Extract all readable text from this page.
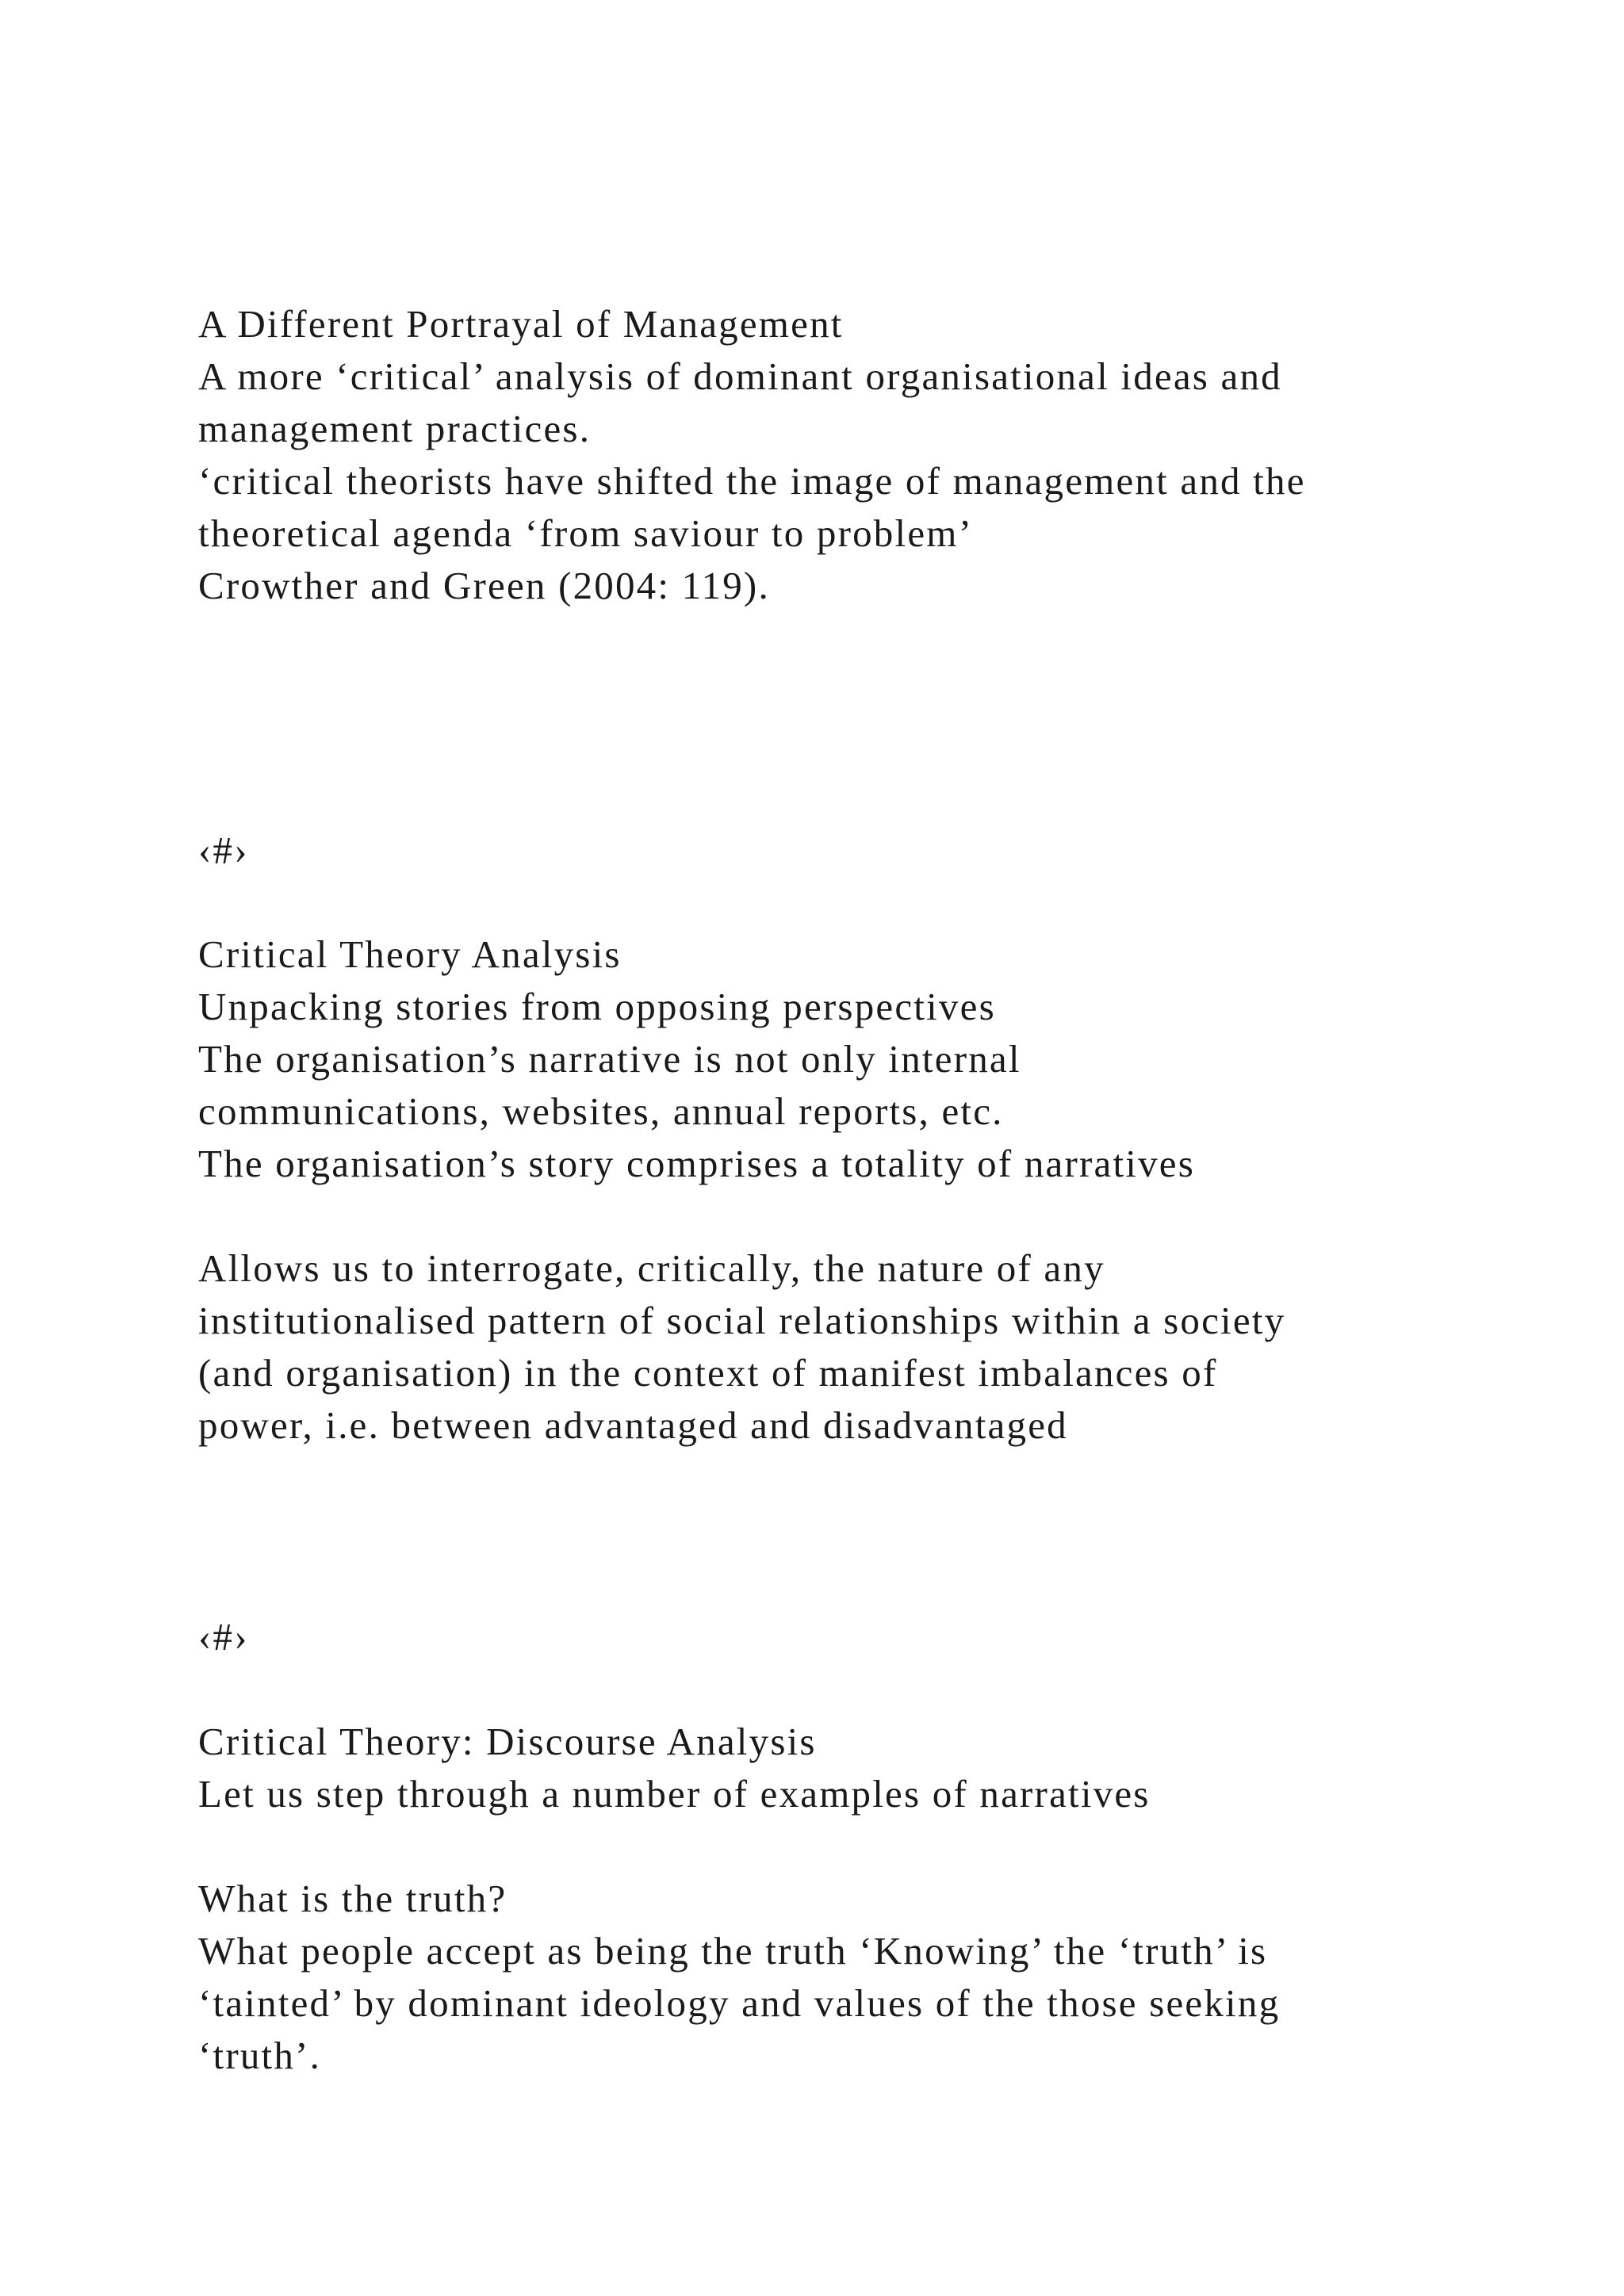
A Different Portrayal of Management

A more ‘critical’ analysis of dominant organisational ideas and

management practices.

‘critical theorists have shifted the image of management and the

theoretical agenda ‘from saviour to problem’

Crowther and Green (2004: 119).

‹#›

Critical Theory Analysis

Unpacking stories from opposing perspectives

The organisation’s narrative is not only internal

communications, websites, annual reports, etc.

The organisation’s story comprises a totality of narratives

Allows us to interrogate, critically, the nature of any

institutionalised pattern of social relationships within a society

(and organisation) in the context of manifest imbalances of

power, i.e. between advantaged and disadvantaged

‹#›

Critical Theory: Discourse Analysis

Let us step through a number of examples of narratives

What is the truth?

What people accept as being the truth ‘Knowing’ the ‘truth’ is

‘tainted’ by dominant ideology and values of the those seeking

‘truth’.
